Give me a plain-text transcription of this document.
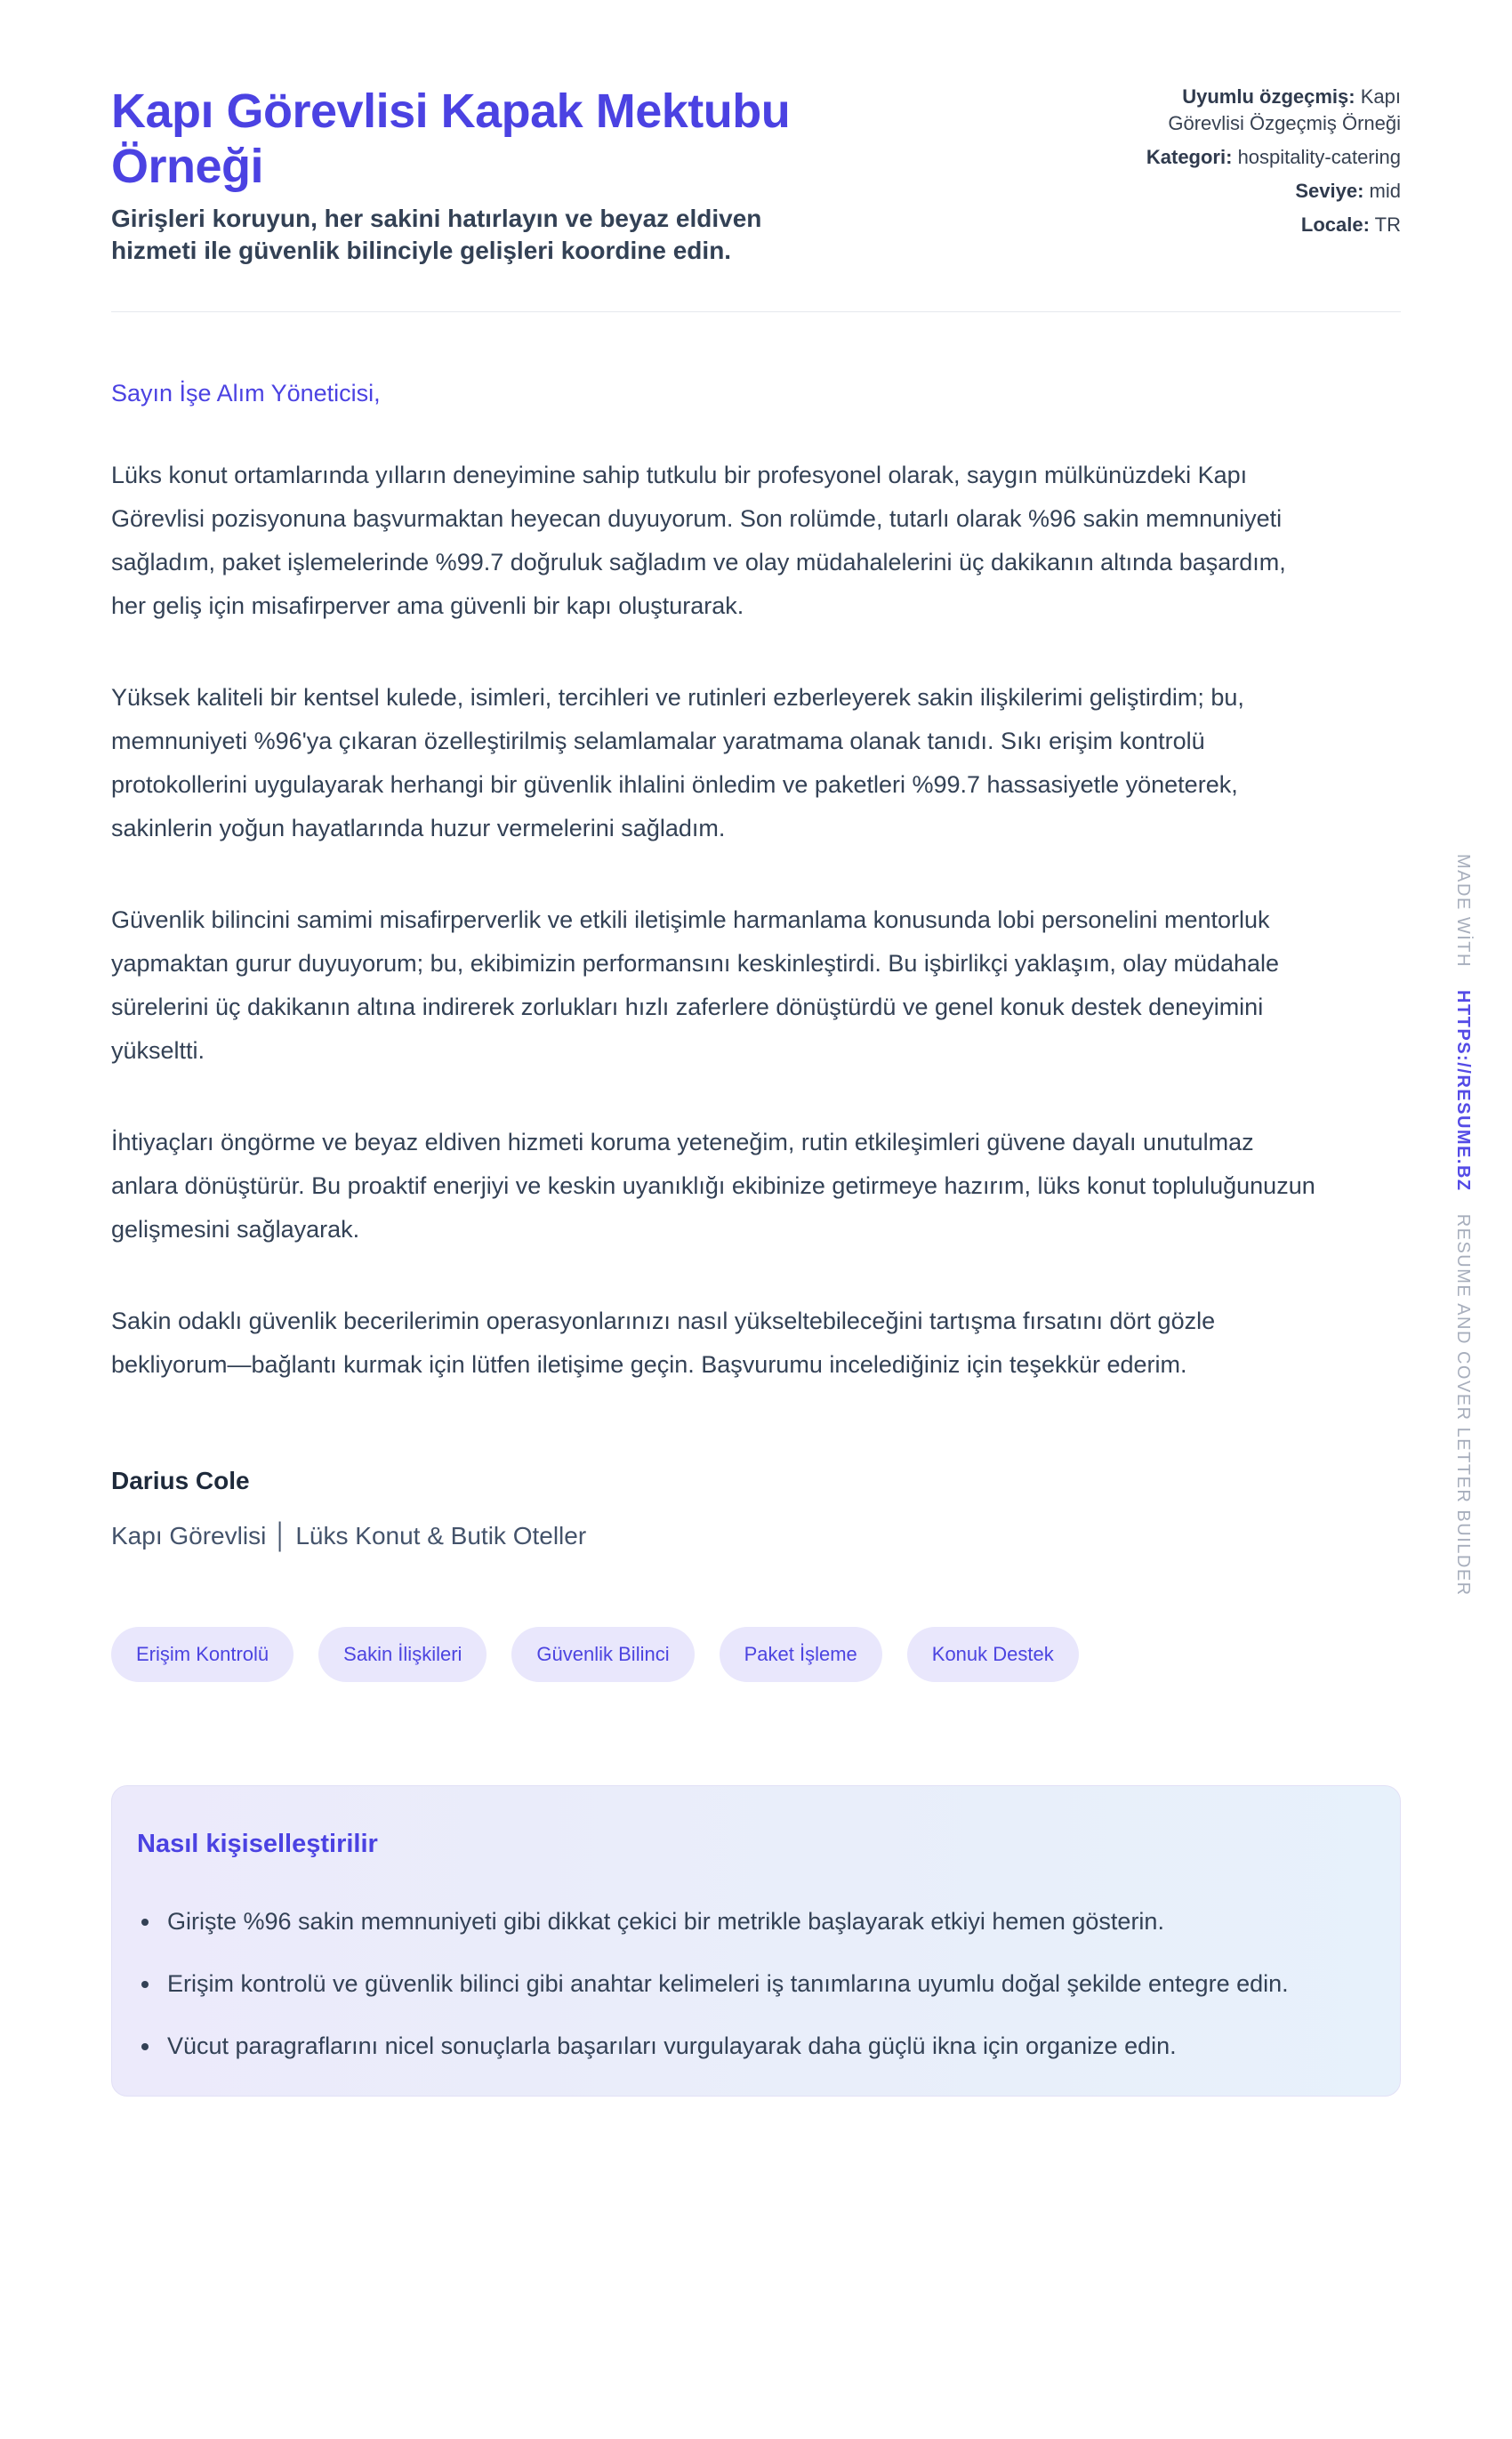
Kapı Görevlisi Kapak Mektubu Örneği

Girişleri koruyun, her sakini hatırlayın ve beyaz eldiven hizmeti ile güvenlik bilinciyle gelişleri koordine edin.

Uyumlu özgeçmiş: Kapı Görevlisi Özgeçmiş Örneği
Kategori: hospitality-catering
Seviye: mid
Locale: TR

Sayın İşe Alım Yöneticisi,

Lüks konut ortamlarında yılların deneyimine sahip tutkulu bir profesyonel olarak, saygın mülkünüzdeki Kapı Görevlisi pozisyonuna başvurmaktan heyecan duyuyorum. Son rolümde, tutarlı olarak %96 sakin memnuniyeti sağladım, paket işlemelerinde %99.7 doğruluk sağladım ve olay müdahalelerini üç dakikanın altında başardım, her geliş için misafirperver ama güvenli bir kapı oluşturarak.

Yüksek kaliteli bir kentsel kulede, isimleri, tercihleri ve rutinleri ezberleyerek sakin ilişkilerimi geliştirdim; bu, memnuniyeti %96'ya çıkaran özelleştirilmiş selamlamalar yaratmama olanak tanıdı. Sıkı erişim kontrolü protokollerini uygulayarak herhangi bir güvenlik ihlalini önledim ve paketleri %99.7 hassasiyetle yöneterek, sakinlerin yoğun hayatlarında huzur vermelerini sağladım.

Güvenlik bilincini samimi misafirperverlik ve etkili iletişimle harmanlama konusunda lobi personelini mentorluk yapmaktan gurur duyuyorum; bu, ekibimizin performansını keskinleştirdi. Bu işbirlikçi yaklaşım, olay müdahale sürelerini üç dakikanın altına indirerek zorlukları hızlı zaferlere dönüştürdü ve genel konuk destek deneyimini yükseltti.

İhtiyaçları öngörme ve beyaz eldiven hizmeti koruma yeteneğim, rutin etkileşimleri güvene dayalı unutulmaz anlara dönüştürür. Bu proaktif enerjiyi ve keskin uyanıklığı ekibinize getirmeye hazırım, lüks konut topluluğunuzun gelişmesini sağlayarak.

Sakin odaklı güvenlik becerilerimin operasyonlarınızı nasıl yükseltebileceğini tartışma fırsatını dört gözle bekliyorum—bağlantı kurmak için lütfen iletişime geçin. Başvurumu incelediğiniz için teşekkür ederim.

Darius Cole

Kapı Görevlisi │ Lüks Konut & Butik Oteller

Erişim Kontrolü	Sakin İlişkileri	Güvenlik Bilinci	Paket İşleme	Konuk Destek
Nasıl kişiselleştirilir
• Girişte %96 sakin memnuniyeti gibi dikkat çekici bir metrikle başlayarak etkiyi hemen gösterin.
• Erişim kontrolü ve güvenlik bilinci gibi anahtar kelimeleri iş tanımlarına uyumlu doğal şekilde entegre edin.
• Vücut paragraflarını nicel sonuçlarla başarıları vurgulayarak daha güçlü ikna için organize edin.
MADE WİTH HTTPS://RESUME.BZ RESUME AND COVER LETTER BUILDER
